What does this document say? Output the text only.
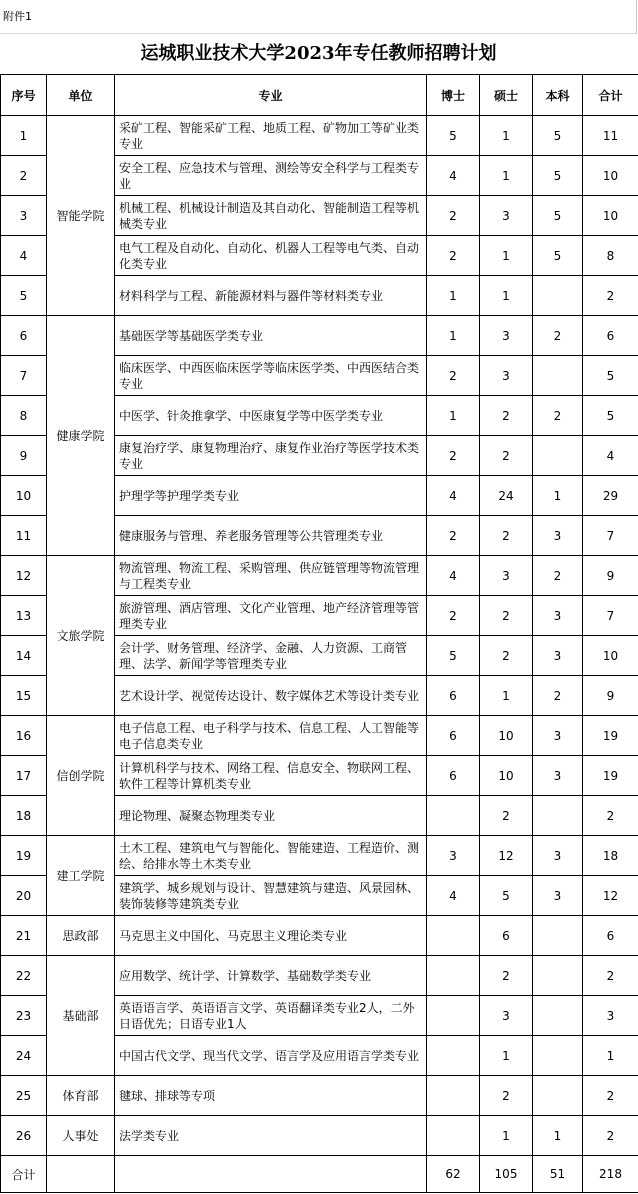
附件1
运城职业技术大学2023年专任教师招聘计划
序号	单位	专业	博士	硕士	本科	合计
1	智能学院	采矿工程、智能采矿工程、地质工程、矿物加工等矿业类专业	5	1	5	11
2		安全工程、应急技术与管理、测绘等安全科学与工程类专业	4	1	5	10
3		机械工程、机械设计制造及其自动化、智能制造工程等机械类专业	2	3	5	10
4		电气工程及自动化、自动化、机器人工程等电气类、自动化类专业	2	1	5	8
5		材料科学与工程、新能源材料与器件等材料类专业	1	1		2
6	健康学院	基础医学等基础医学类专业	1	3	2	6
7		临床医学、中西医临床医学等临床医学类、中西医结合类专业	2	3		5
8		中医学、针灸推拿学、中医康复学等中医学类专业	1	2	2	5
9		康复治疗学、康复物理治疗、康复作业治疗等医学技术类专业	2	2		4
10		护理学等护理学类专业	4	24	1	29
11		健康服务与管理、养老服务管理等公共管理类专业	2	2	3	7
12	文旅学院	物流管理、物流工程、采购管理、供应链管理等物流管理与工程类专业	4	3	2	9
13		旅游管理、酒店管理、文化产业管理、地产经济管理等管理类专业	2	2	3	7
14		会计学、财务管理、经济学、金融、人力资源、工商管理、法学、新闻学等管理类专业	5	2	3	10
15		艺术设计学、视觉传达设计、数字媒体艺术等设计类专业	6	1	2	9
16	信创学院	电子信息工程、电子科学与技术、信息工程、人工智能等电子信息类专业	6	10	3	19
17		计算机科学与技术、网络工程、信息安全、物联网工程、软件工程等计算机类专业	6	10	3	19
18		理论物理、凝聚态物理类专业		2		2
19	建工学院	土木工程、建筑电气与智能化、智能建造、工程造价、测绘、给排水等土木类专业	3	12	3	18
20		建筑学、城乡规划与设计、智慧建筑与建造、风景园林、装饰装修等建筑类专业	4	5	3	12
21	思政部	马克思主义中国化、马克思主义理论类专业		6		6
22	基础部	应用数学、统计学、计算数学、基础数学类专业		2		2
23		英语语言学、英语语言文学、英语翻译类专业2人，二外日语优先；日语专业1人		3		3
24		中国古代文学、现当代文学、语言学及应用语言学类专业		1		1
25	体育部	毽球、排球等专项		2		2
26	人事处	法学类专业		1	1	2
合计			62	105	51	218
